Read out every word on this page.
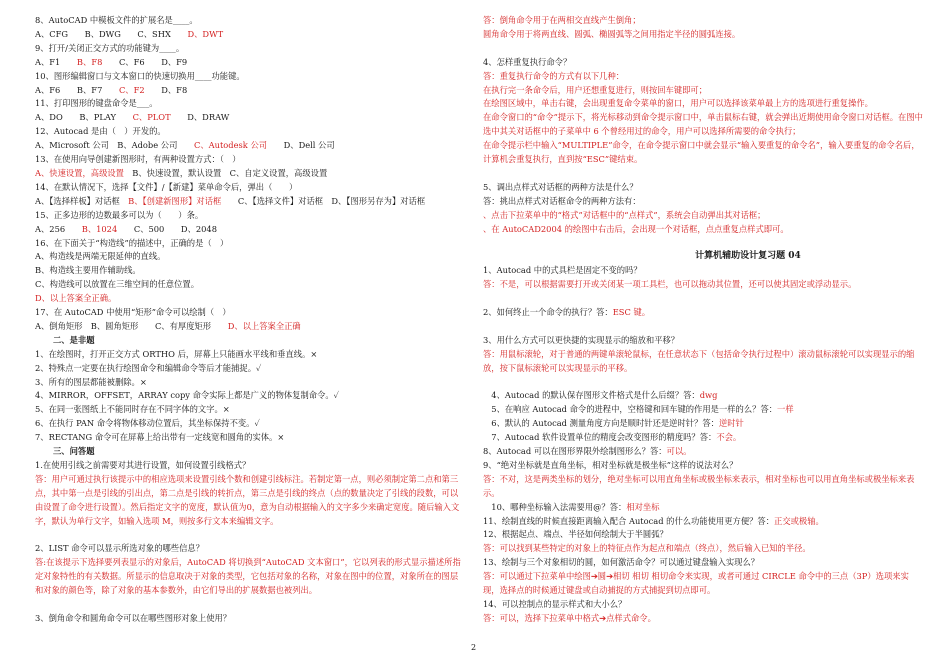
8、AutoCAD 中模板文件的扩展名是____。
A、CFG　　B、DWG　　C、SHX　　D、DWT
9、打开/关闭正交方式的功能键为____。
A、F1　　B、F8　　C、F6　　D、F9
10、图形编辑窗口与文本窗口的快速切换用____功能键。
A、F6　　B、F7　　C、F2　　D、F8
11、打印图形的键盘命令是___。
A、DO　　B、PLAY　　C、PLOT　　D、DRAW
12、Autocad 是由（　）开发的。
A、Microsoft 公司　B、Adobe 公司　　C、Autodesk 公司　　D、Dell 公司
13、在使用向导创建新图形时，有两种设置方式：（　）
A、快速设置，高级设置　B、快速设置，默认设置　C、自定义设置，高级设置
14、在默认情况下，选择【文件】/【新建】菜单命令后，弹出（　　）
A、【选择样板】对话框　B、【创建新图形】对话框　　C、【选择文件】对话框　D、【图形另存为】对话框
15、正多边形的边数最多可以为（　　）条。
A、256　　B、1024　　C、500　　D、2048
16、在下面关于“构造线”的描述中，正确的是（　）
A、构造线是两端无限延伸的直线。
B、构造线主要用作辅助线。
C、构造线可以放置在三维空间的任意位置。
D、以上答案全正确。
17、在 AutoCAD 中使用“矩形”命令可以绘制（　）
A、倒角矩形　B、圆角矩形　　C、有厚度矩形　　D、以上答案全正确
二、是非题
1、在绘图时，打开正交方式 ORTHO 后，屏幕上只能画水平线和垂直线。×
2、特殊点一定要在执行绘图命令和编辑命令等后才能捕捉。✓
3、所有的图层都能被删除。×
4、MIRROR，OFFSET，ARRAY copy 命令实际上都是广义的物体复制命令。✓
5、在同一张图纸上不能同时存在不同字体的文字。×
6、在执行 PAN 命令将物体移动位置后，其坐标保持不变。✓
7、RECTANG 命令可在屏幕上给出带有一定线宽和圆角的实体。×
三、问答题
1.在使用引线之前需要对其进行设置，如何设置引线格式？
答：用户可通过执行该提示中的相应选项来设置引线个数和创建引线标注。若制定第一点，则必须制定第二点和第三点，其中第一点是引线的引出点，第二点是引线的转折点，第三点是引线的终点（点的数量决定了引线的段数，可以由设置了命令进行设置）。然后指定文字的宽度，默认值为0，意为自动根据输入的文字多少来确定宽度。随后输入文字，默认为单行文字，如输入选项 M，则按多行文本来编辑文字。
2、LIST 命令可以显示所选对象的哪些信息？
答:在该提示下选择要列表显示的对象后，AutoCAD 将切换到“AutoCAD 文本窗口”，它以列表的形式显示描述所指定对象特性的有关数据。所显示的信息取决于对象的类型，它包括对象的名称，对象在图中的位置，对象所在的图层和对象的颜色等，除了对象的基本参数外，由它们导出的扩展数据也被列出。
3、倒角命令和圆角命令可以在哪些图形对象上使用？
答：倒角命令用于在两相交直线产生倒角；
圆角命令用于将两直线、圆弧、椭圆弧等之间用指定半径的圆弧连接。
4、怎样重复执行命令？
答：重复执行命令的方式有以下几种：
在执行完一条命令后，用户还想重复进行，则按回车键即可；
在绘图区域中，单击右键，会出现重复命令菜单的窗口，用户可以选择该菜单最上方的选项进行重复操作。
在命令窗口的“命令”提示下，将光标移动到命令提示窗口中，单击鼠标右键，就会弹出近期使用命令窗口对话框。在图中选中其关对话框中的子菜单中 6 个曾经用过的命令，用户可以选择所需要的命令执行；
在命令提示栏中输入“MULTIPLE”命令，在命令提示窗口中就会显示“输入要重复的命令名”，输入要重复的命令名后，计算机会重复执行，直到按“ESC”键结束。
5、调出点样式对话框的两种方法是什么？
答：挑出点样式对话框命令的两种方法有：
、点击下拉菜单中的“格式”对话框中的“点样式”，系统会自动弹出其对话框；
、在 AutoCAD2004 的绘图中右击后，会出现一个对话框，点点重复点样式即可。
计算机辅助设计复习题 04
1、Autocad 中的式具栏是固定不变的吗？
答：不是，可以根据需要打开或关闭某一项工具栏，也可以拖动其位置，还可以使其固定或浮动显示。
2、如何终止一个命令的执行？答：ESC 键。
3、用什么方式可以更快捷的实现显示的缩放和平移？
答：用鼠标滚轮，对于普通的两键单滚轮鼠标，在任意状态下（包括命令执行过程中）滚动鼠标滚轮可以实现显示的缩放，按下鼠标滚轮可以实现显示的平移。
　4、Autocad 的默认保存图形文件格式是什么后缀？答：dwg
　5、在响应 Autocad 命令的进程中，空格键和回车键的作用是一样的么？答：一样
　6、默认的 Autocad 测量角度方向是顺时针还是逆时针？答：逆时针
　7、Autocad 软件设置单位的精度会改变图形的精度吗？答：不会。
8、Autocad 可以在图形界限外绘制图形么？答：可以。
9、“绝对坐标就是直角坐标，相对坐标就是极坐标”这样的说法对么？
答：不对，这是两类坐标的划分，绝对坐标可以用直角坐标或极坐标来表示，相对坐标也可以用直角坐标或极坐标来表示。
　10、哪种坐标输入法需要用@？答：相对坐标
11、绘制直线的时候直接距离输入配合 Autocad 的什么功能使用更方便？答：正交或极轴。
12、根据起点、端点、半径如何绘制大于半圆弧？
答：可以找到某些特定的对象上的特征点作为起点和端点（终点），然后输入已知的半径。
13、绘制与三个对象相切的圆，如何激活命令？可以通过键盘输入实现么？
答：可以通过下拉菜单中绘图➔圆➔相切 相切 相切命令来实现，或者可通过 CIRCLE 命令中的三点（3P）选项来实现，选择点的时候通过键盘或自动捕捉的方式捕捉到切点即可。
14、可以控制点的显示样式和大小么？
答：可以，选择下拉菜单中格式➔点样式命令。
2
